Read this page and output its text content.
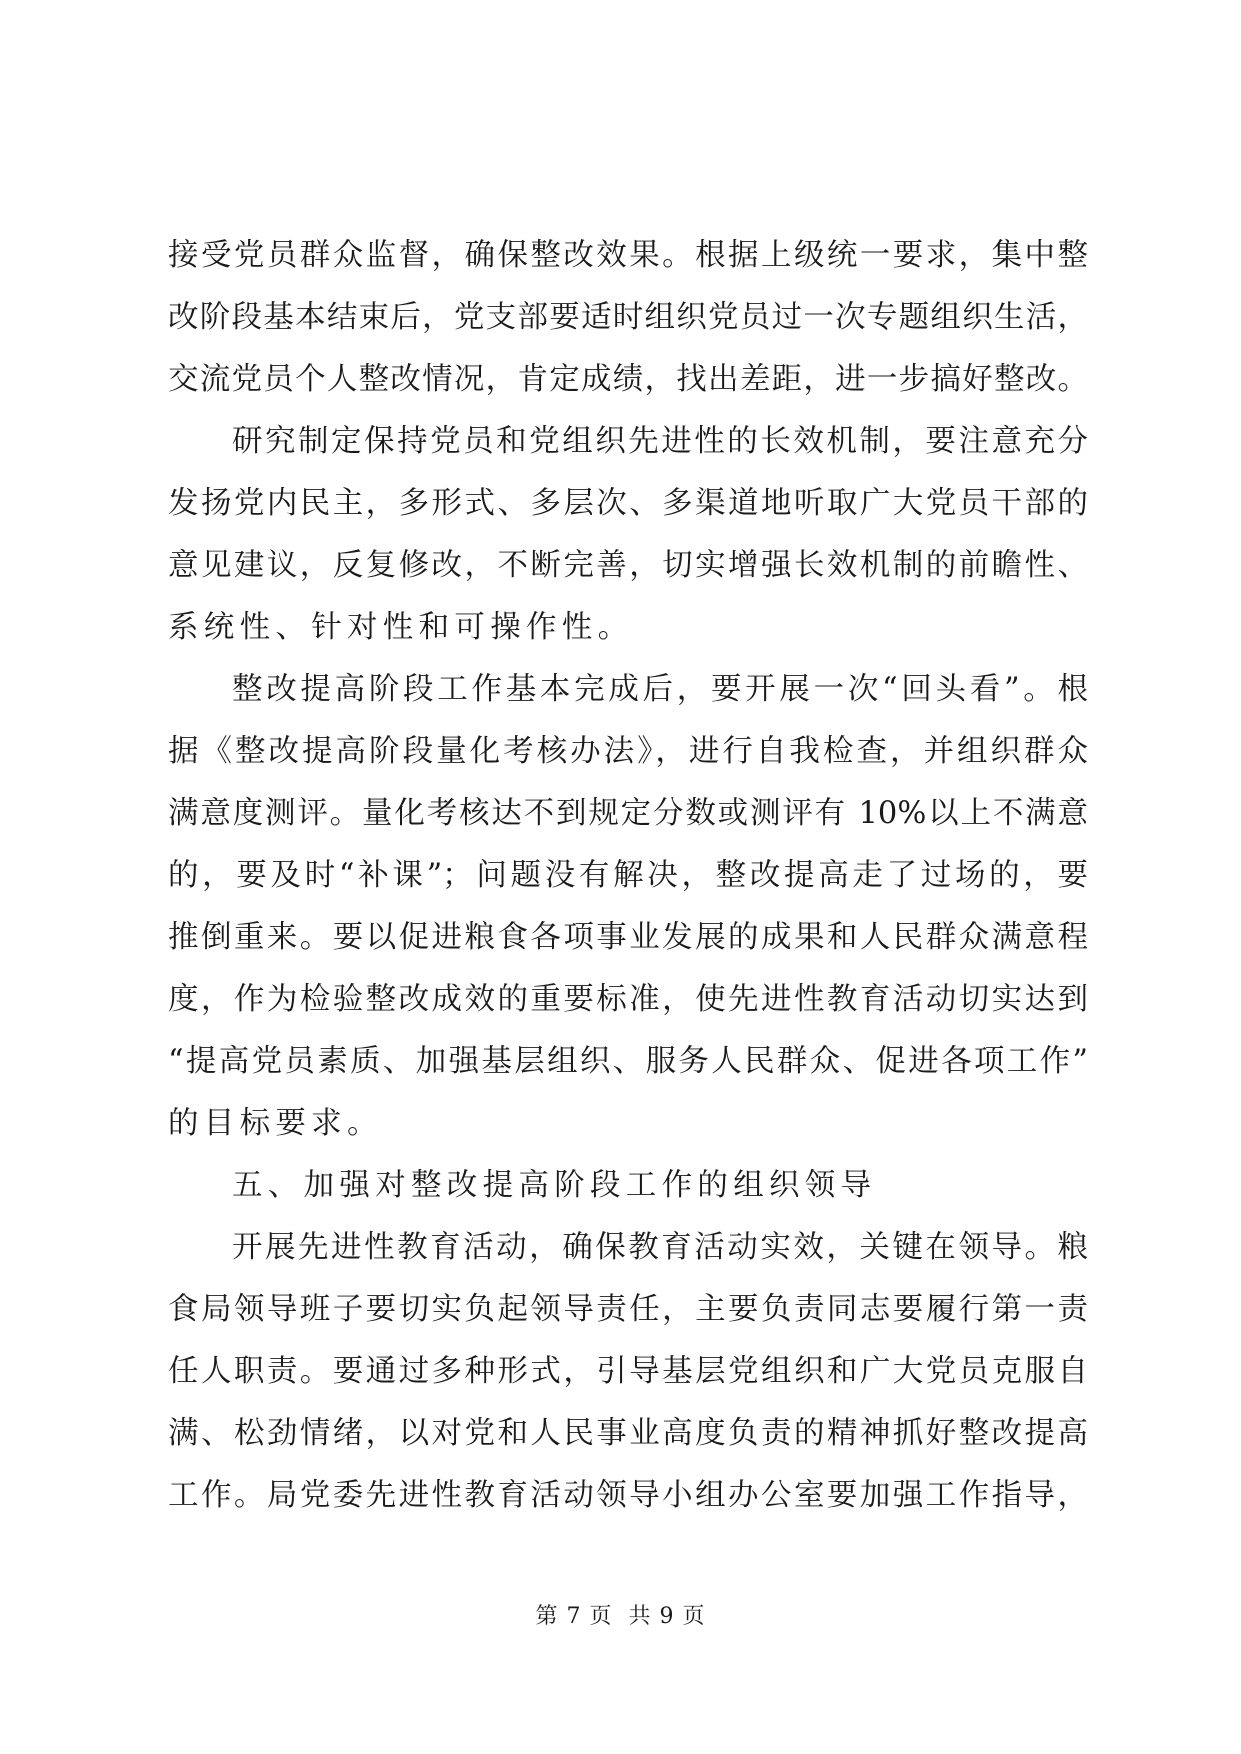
接受党员群众监督，确保整改效果。根据上级统一要求，集中整
改阶段基本结束后，党支部要适时组织党员过一次专题组织生活，
交流党员个人整改情况，肯定成绩，找出差距，进一步搞好整改。
研究制定保持党员和党组织先进性的长效机制，要注意充分
发扬党内民主，多形式、多层次、多渠道地听取广大党员干部的
意见建议，反复修改，不断完善，切实增强长效机制的前瞻性、
系统性、针对性和可操作性。
整改提高阶段工作基本完成后，要开展一次“回头看”。根
据《整改提高阶段量化考核办法》，进行自我检查，并组织群众
满意度测评。量化考核达不到规定分数或测评有 10%以上不满意
的，要及时“补课”；问题没有解决，整改提高走了过场的，要
推倒重来。要以促进粮食各项事业发展的成果和人民群众满意程
度，作为检验整改成效的重要标准，使先进性教育活动切实达到
“提高党员素质、加强基层组织、服务人民群众、促进各项工作”
的目标要求。
五、加强对整改提高阶段工作的组织领导
开展先进性教育活动，确保教育活动实效，关键在领导。粮
食局领导班子要切实负起领导责任，主要负责同志要履行第一责
任人职责。要通过多种形式，引导基层党组织和广大党员克服自
满、松劲情绪，以对党和人民事业高度负责的精神抓好整改提高
工作。局党委先进性教育活动领导小组办公室要加强工作指导，
第 7 页  共 9 页
